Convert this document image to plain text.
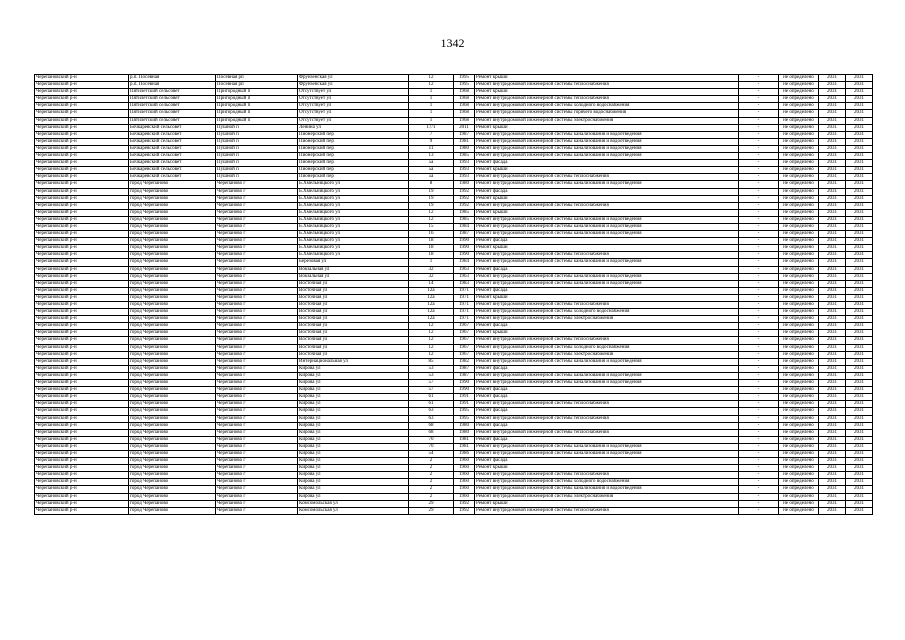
1342
Черепановский р-н	р.п. Посевная	Посевная рп	Фрунзенская ул	12	1995	Ремонт крыши	-	не определено	2031	2031
Черепановский р-н	р.п. Посевная	Посевная рп	Фрунзенская ул	12	1995	Ремонт внутридомовой инженерной системы теплоснабжения	-	не определено	2031	2031
Черепановский р-н	Пятилетский сельсовет	Пригородный п	Отсутствует ул	1	1968	Ремонт крыши	-	не определено	2031	2031
Черепановский р-н	Пятилетский сельсовет	Пригородный п	Отсутствует ул	1	1968	Ремонт внутридомовой инженерной системы теплоснабжения	-	не определено	2031	2031
Черепановский р-н	Пятилетский сельсовет	Пригородный п	Отсутствует ул	1	1968	Ремонт внутридомовой инженерной системы холодного водоснабжения	-	не определено	2031	2031
Черепановский р-н	Пятилетский сельсовет	Пригородный п	Отсутствует ул	1	1968	Ремонт внутридомовой инженерной системы горячего водоснабжения	-	не определено	2031	2031
Черепановский р-н	Пятилетский сельсовет	Пригородный п	Отсутствует ул	1	1968	Ремонт внутридомовой инженерной системы электроснабжения	-	не определено	2031	2031
Черепановский р-н	Бочкаревский сельсовет	Пушной п	Ленина ул	17/1	2011	Ремонт крыши	-	не определено	2031	2031
Черепановский р-н	Бочкаревский сельсовет	Пушной п	Пионерский пер	7	1987	Ремонт внутридомовой инженерной системы канализования и водоотведения	-	не определено	2031	2031
Черепановский р-н	Бочкаревский сельсовет	Пушной п	Пионерский пер	9	1981	Ремонт внутридомовой инженерной системы канализования и водоотведения	-	не определено	2031	2031
Черепановский р-н	Бочкаревский сельсовет	Пушной п	Пионерский пер	11	1980	Ремонт внутридомовой инженерной системы канализования и водоотведения	-	не определено	2031	2031
Черепановский р-н	Бочкаревский сельсовет	Пушной п	Пионерский пер	13	1985	Ремонт внутридомовой инженерной системы канализования и водоотведения	-	не определено	2031	2031
Черепановский р-н	Бочкаревский сельсовет	Пушной п	Пионерский пер	5а	1993	Ремонт фасада	-	не определено	2031	2031
Черепановский р-н	Бочкаревский сельсовет	Пушной п	Пионерский пер	5а	1993	Ремонт крыши	-	не определено	2031	2031
Черепановский р-н	Бочкаревский сельсовет	Пушной п	Пионерский пер	5а	1993	Ремонт внутридомовой инженерной системы теплоснабжения	-	не определено	2031	2031
Черепановский р-н	город Черепаново	Черепаново г	Б.Хмельницкого ул	8	1980	Ремонт внутридомовой инженерной системы канализования и водоотведения	-	не определено	2031	2031
Черепановский р-н	город Черепаново	Черепаново г	Б.Хмельницкого ул	19	1992	Ремонт фасада	-	не определено	2031	2031
Черепановский р-н	город Черепаново	Черепаново г	Б.Хмельницкого ул	19	1992	Ремонт крыши	-	не определено	2031	2031
Черепановский р-н	город Черепаново	Черепаново г	Б.Хмельницкого ул	19	1992	Ремонт внутридомовой инженерной системы теплоснабжения	-	не определено	2031	2031
Черепановский р-н	город Черепаново	Черепаново г	Б.Хмельницкого ул	12	1985	Ремонт крыши	-	не определено	2031	2031
Черепановский р-н	город Черепаново	Черепаново г	Б.Хмельницкого ул	12	1985	Ремонт внутридомовой инженерной системы канализования и водоотведения	-	не определено	2031	2031
Черепановский р-н	город Черепаново	Черепаново г	Б.Хмельницкого ул	15	1984	Ремонт внутридомовой инженерной системы канализования и водоотведения	-	не определено	2031	2031
Черепановский р-н	город Черепаново	Черепаново г	Б.Хмельницкого ул	16	1987	Ремонт внутридомовой инженерной системы канализования и водоотведения	-	не определено	2031	2031
Черепановский р-н	город Черепаново	Черепаново г	Б.Хмельницкого ул	18	1990	Ремонт фасада	-	не определено	2031	2031
Черепановский р-н	город Черепаново	Черепаново г	Б.Хмельницкого ул	18	1990	Ремонт крыши	-	не определено	2031	2031
Черепановский р-н	город Черепаново	Черепаново г	Б.Хмельницкого ул	18	1990	Ремонт внутридомовой инженерной системы теплоснабжения	-	не определено	2031	2031
Черепановский р-н	город Черепаново	Черепаново г	Березовая ул	1	1984	Ремонт внутридомовой инженерной системы канализования и водоотведения	-	не определено	2031	2031
Черепановский р-н	город Черепаново	Черепаново г	Вокзальная ул	32	1963	Ремонт фасада	-	не определено	2031	2031
Черепановский р-н	город Черепаново	Черепаново г	Вокзальная ул	32	1963	Ремонт внутридомовой инженерной системы канализования и водоотведения	-	не определено	2031	2031
Черепановский р-н	город Черепаново	Черепаново г	Восточная ул	14	1983	Ремонт внутридомовой инженерной системы канализования и водоотведения	-	не определено	2031	2031
Черепановский р-н	город Черепаново	Черепаново г	Восточная ул	12а	1971	Ремонт фасада	-	не определено	2031	2031
Черепановский р-н	город Черепаново	Черепаново г	Восточная ул	12а	1971	Ремонт крыши	-	не определено	2031	2031
Черепановский р-н	город Черепаново	Черепаново г	Восточная ул	12а	1971	Ремонт внутридомовой инженерной системы теплоснабжения	-	не определено	2031	2031
Черепановский р-н	город Черепаново	Черепаново г	Восточная ул	12а	1971	Ремонт внутридомовой инженерной системы холодного водоснабжения	-	не определено	2031	2031
Черепановский р-н	город Черепаново	Черепаново г	Восточная ул	12а	1971	Ремонт внутридомовой инженерной системы электроснабжения	-	не определено	2031	2031
Черепановский р-н	город Черепаново	Черепаново г	Восточная ул	12	1967	Ремонт фасада	-	не определено	2031	2031
Черепановский р-н	город Черепаново	Черепаново г	Восточная ул	12	1967	Ремонт крыши	-	не определено	2031	2031
Черепановский р-н	город Черепаново	Черепаново г	Восточная ул	12	1967	Ремонт внутридомовой инженерной системы теплоснабжения	-	не определено	2031	2031
Черепановский р-н	город Черепаново	Черепаново г	Восточная ул	12	1967	Ремонт внутридомовой инженерной системы холодного водоснабжения	-	не определено	2031	2031
Черепановский р-н	город Черепаново	Черепаново г	Восточная ул	12	1967	Ремонт внутридомовой инженерной системы электроснабжения	-	не определено	2031	2031
Черепановский р-н	город Черепаново	Черепаново г	Интернациональная ул	85	1982	Ремонт внутридомовой инженерной системы канализования и водоотведения	-	не определено	2031	2031
Черепановский р-н	город Черепаново	Черепаново г	Кирова ул	53	1987	Ремонт фасада	-	не определено	2031	2031
Черепановский р-н	город Черепаново	Черепаново г	Кирова ул	53	1987	Ремонт внутридомовой инженерной системы канализования и водоотведения	-	не определено	2031	2031
Черепановский р-н	город Черепаново	Черепаново г	Кирова ул	57	1990	Ремонт внутридомовой инженерной системы канализования и водоотведения	-	не определено	2031	2031
Черепановский р-н	город Черепаново	Черепаново г	Кирова ул	57	1990	Ремонт фасада	-	не определено	2031	2031
Черепановский р-н	город Черепаново	Черепаново г	Кирова ул	61	1991	Ремонт фасада	-	не определено	2031	2031
Черепановский р-н	город Черепаново	Черепаново г	Кирова ул	61	1991	Ремонт внутридомовой инженерной системы теплоснабжения	-	не определено	2031	2031
Черепановский р-н	город Черепаново	Черепаново г	Кирова ул	63	1995	Ремонт фасада	-	не определено	2031	2031
Черепановский р-н	город Черепаново	Черепаново г	Кирова ул	63	1995	Ремонт внутридомовой инженерной системы теплоснабжения	-	не определено	2031	2031
Черепановский р-н	город Черепаново	Черепаново г	Кирова ул	68	1980	Ремонт фасада	-	не определено	2031	2031
Черепановский р-н	город Черепаново	Черепаново г	Кирова ул	68	1980	Ремонт внутридомовой инженерной системы теплоснабжения	-	не определено	2031	2031
Черепановский р-н	город Черепаново	Черепаново г	Кирова ул	70	1981	Ремонт фасада	-	не определено	2031	2031
Черепановский р-н	город Черепаново	Черепаново г	Кирова ул	70	1981	Ремонт внутридомовой инженерной системы канализования и водоотведения	-	не определено	2031	2031
Черепановский р-н	город Черепаново	Черепаново г	Кирова ул	54	1986	Ремонт внутридомовой инженерной системы канализования и водоотведения	-	не определено	2031	2031
Черепановский р-н	город Черепаново	Черепаново г	Кирова ул	2	1960	Ремонт фасада	-	не определено	2031	2031
Черепановский р-н	город Черепаново	Черепаново г	Кирова ул	2	1960	Ремонт крыши	-	не определено	2031	2031
Черепановский р-н	город Черепаново	Черепаново г	Кирова ул	2	1960	Ремонт внутридомовой инженерной системы теплоснабжения	-	не определено	2031	2031
Черепановский р-н	город Черепаново	Черепаново г	Кирова ул	2	1960	Ремонт внутридомовой инженерной системы холодного водоснабжения	-	не определено	2031	2031
Черепановский р-н	город Черепаново	Черепаново г	Кирова ул	2	1960	Ремонт внутридомовой инженерной системы канализования и водоотведения	-	не определено	2031	2031
Черепановский р-н	город Черепаново	Черепаново г	Кирова ул	2	1960	Ремонт внутридомовой инженерной системы электроснабжения	-	не определено	2031	2031
Черепановский р-н	город Черепаново	Черепаново г	Комсомольская ул	29	1992	Ремонт крыши	-	не определено	2031	2031
Черепановский р-н	город Черепаново	Черепаново г	Комсомольская ул	29	1992	Ремонт внутридомовой инженерной системы теплоснабжения	-	не определено	2031	2031
